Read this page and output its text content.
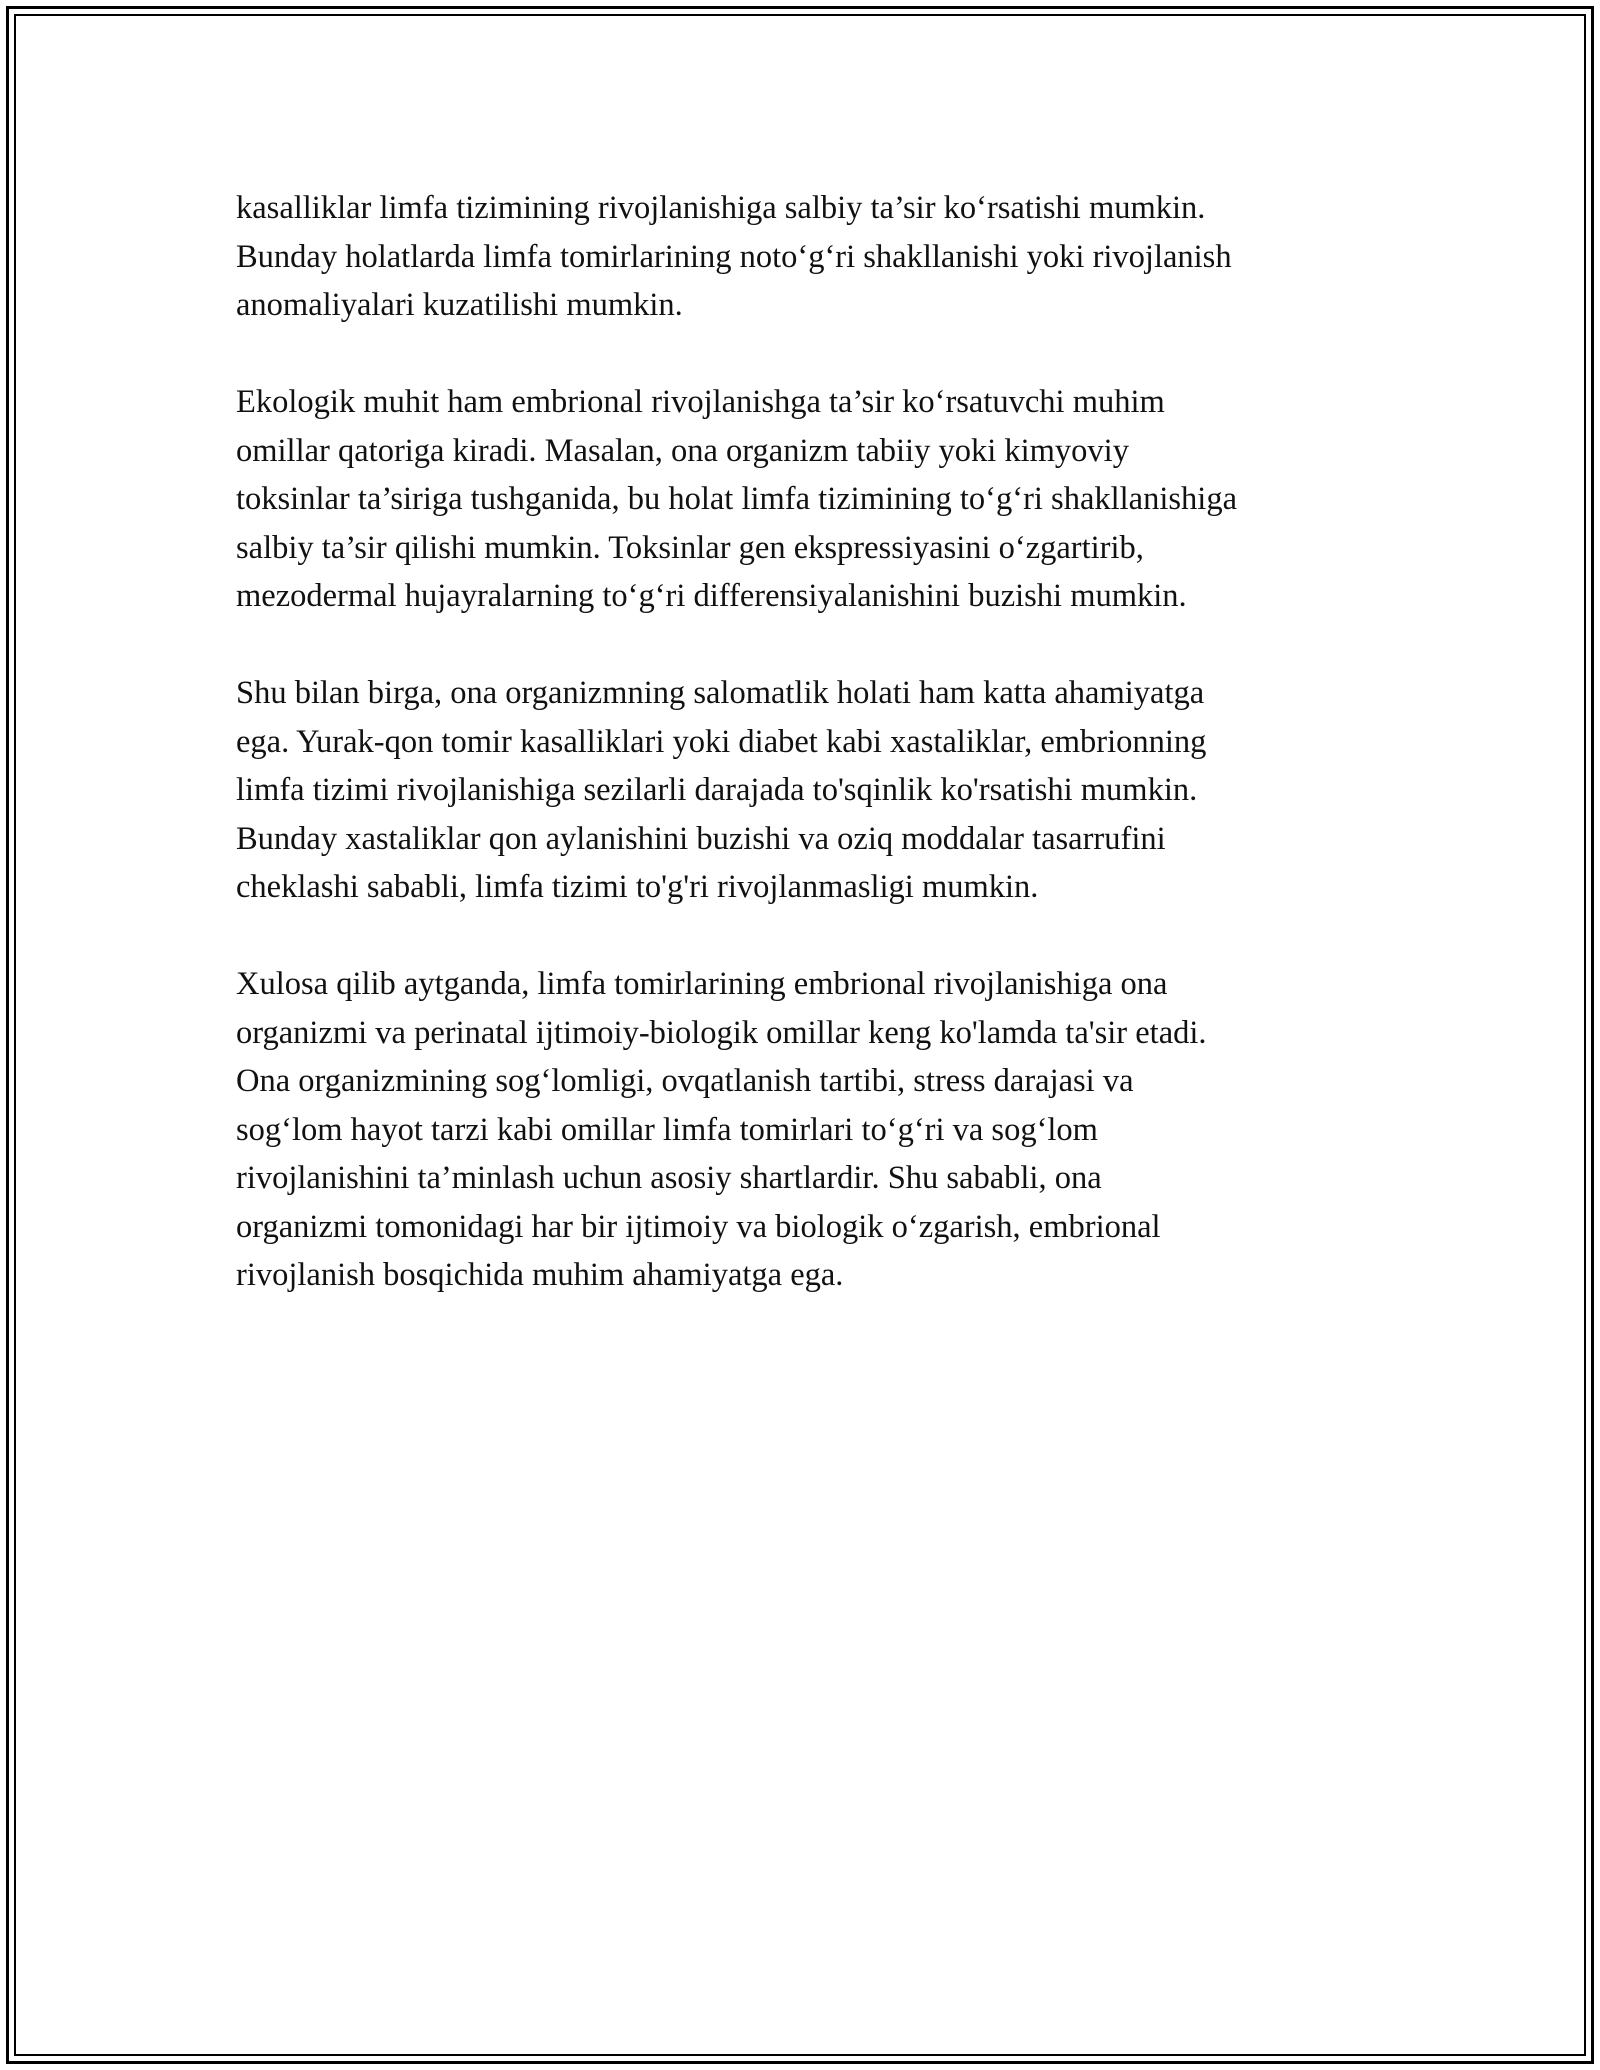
kasalliklar limfa tizimining rivojlanishiga salbiy ta’sir ko‘rsatishi mumkin.
Bunday holatlarda limfa tomirlarining noto‘g‘ri shakllanishi yoki rivojlanish
anomaliyalari kuzatilishi mumkin.

Ekologik muhit ham embrional rivojlanishga ta’sir ko‘rsatuvchi muhim
omillar qatoriga kiradi. Masalan, ona organizm tabiiy yoki kimyoviy
toksinlar ta’siriga tushganida, bu holat limfa tizimining to‘g‘ri shakllanishiga
salbiy ta’sir qilishi mumkin. Toksinlar gen ekspressiyasini o‘zgartirib,
mezodermal hujayralarning to‘g‘ri differensiyalanishini buzishi mumkin.

Shu bilan birga, ona organizmning salomatlik holati ham katta ahamiyatga
ega. Yurak-qon tomir kasalliklari yoki diabet kabi xastaliklar, embrionning
limfa tizimi rivojlanishiga sezilarli darajada to'sqinlik ko'rsatishi mumkin.
Bunday xastaliklar qon aylanishini buzishi va oziq moddalar tasarrufini
cheklashi sababli, limfa tizimi to'g'ri rivojlanmasligi mumkin.

Xulosa qilib aytganda, limfa tomirlarining embrional rivojlanishiga ona
organizmi va perinatal ijtimoiy-biologik omillar keng ko'lamda ta'sir etadi.
Ona organizmining sog‘lomligi, ovqatlanish tartibi, stress darajasi va
sog‘lom hayot tarzi kabi omillar limfa tomirlari to‘g‘ri va sog‘lom
rivojlanishini ta’minlash uchun asosiy shartlardir. Shu sababli, ona
organizmi tomonidagi har bir ijtimoiy va biologik o‘zgarish, embrional
rivojlanish bosqichida muhim ahamiyatga ega.
